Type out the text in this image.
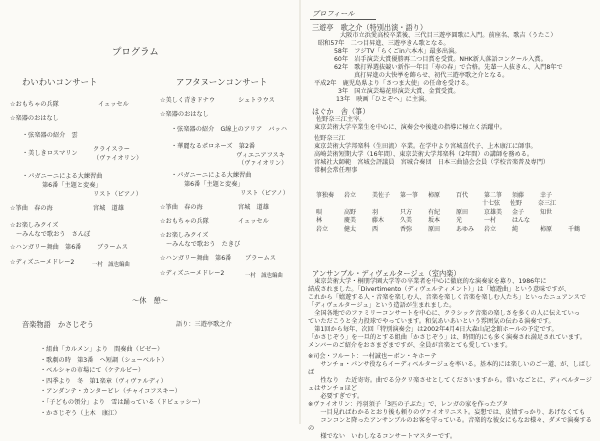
プログラム
わいわいコンサート
☆おもちゃの兵隊	イェッセル
☆楽器のおはなし
・弦楽器の紹介　雲
・美しきロスマリン
クライスラー
（ヴァイオリン）
・パガニーニによる大練習曲
第6番「主題と変奏」
リスト（ピアノ）
☆箏曲　春の海	宮城　道雄
☆お楽しみクイズ
～みんなで歌おう　さんぽ
☆ハンガリー舞曲　第6番	ブラームス
☆ディズニーメドレー2	一村　誠也編曲
アフタヌーンコンサート
☆美しく青きドナウ	シュトラウス
☆楽器のおはなし
・弦楽器の紹介　G線上のアリア　バッハ
・華麗なるポロネーズ　第2番
ヴィエニアフスキ
（ヴァイオリン）
・パガニーニによる大練習曲
第6番「主題と変奏」
リスト（ピアノ）
☆箏曲　春の海	宮城　道雄
☆おもちゃの兵隊	イェッセル
☆お楽しみクイズ
～みんなで歌おう　たきび
☆ハンガリー舞曲　第6番 ブラームス
☆ディズニーメドレー2	一村　誠也編曲
～休　憩～
音楽物語　かさじぞう	語り：三遊亭歌之介
・組曲「カルメン」より　間奏曲（ビゼー）
・歌劇の時　第3番　ヘ短調（シューベルト）
・ベルシャの市場にて（ケテルビー）
・四季より　冬　第1楽章（ヴィヴァルディ）
・アンダンテ・カンタービレ（チャイコフスキー）
・「子どもの領分」より　雪は踊っている（ドビュッシー）
・かさじぞう（上木　康江）
プロフィール
三遊亭　歌之介（特別出演・語り）
大阪市立浜愛高校卒業後、三代目三遊亭圓歌に入門。前座名、歌吉（うたこ）
昭和57年　二つ目昇進、三遊亭きん歌となる。
58年　フジTV「らくごin六本木」最多出演。
60年　岩手演芸大賞優勝再二つ目賞を受賞。NHK新人落語コンクール入賞。
62年　歌打界選抜競い新作一年目「寿の春」で合格。先輩一人抜きん、入門8年で
真打昇進の大快挙を飾らせ、初代三遊亭歌之介となる。
平成2年　鹿児島県より「さつま大使」の任命を受ける。
3年　国立演芸場花形演芸大賞、金賞受賞。
13年　映画「ひとぞへ」に主演。
はぐか　舎（箏）
佐野奈三江主宰。
東京芸術大学卒業生を中心に、演奏会や後進の指導に極立く活躍中。
佐野奈三江
東京芸術大学邦楽科（生田流）卒業。在学中より宮城喜代子、上木康江に師事。
高崎芸術短期大学（16年間）、東京芸術大学邦楽科（2年間）の講師を務める。
宮城社大師範　宮城会評議員　宮城合奏団　日本三曲協会会員（学校音楽普及専門）
常桐会常任理事
箏独奏	岩立	美佐子	第一箏	柿原	百代	第二箏	須藤	幸子
十七弦	佐野	奈三江
唄	高野	羽	只方	有紀	原田	京雄美	金子	知世
林	慶美	藤木	久美	坂本	光	一村	はんな
岩立	健太	西	香弥	原田	あゆみ	岩立	純	柿原	千鶴
アンサンブル・ディヴェルタージュ（室内楽）
　東京芸術大学・桐朋学園大学等の卒業者を中心に徹底的な演奏家を募り、1986年に
結成されました。「Divertimento（ディヴェルティメント）」は「嬉遊曲」という意味ですが、
これから「嬉遊する人・音楽を楽しむ人、音楽を楽しく音楽を楽しむ人たち」といったニュアンスで
「ディヴェルタージュ」という造語が生まれました。
　全国各地でのファミリーコンサートを中心に、クラシック音楽の楽しさを多くの人に伝えていっ
ていただこうと全力投球でやっています。和気あいあいという雰囲気の伝わる演奏です。
　第1回から毎年、次回「特別演奏会」は2002年4月4日大森山記念館ホールの予定です。
「かさじぞう」を一旦的とする組曲「かさじぞう」は、時間的にも多く演奏され満足されています。
メンバーのご紹介をおさまざまですが、全員が音楽とても愛しています。
※司会・フルート：一村誠也ーボン・キホーテ
　　サンチョ・パンサ役ならイーディベルタージュを率いる。基本的には楽しいのご一道、が、しばしば
　　性なり　た近寄寄。曲でる分クリ楽させとしてくださいますから。常いなごとに、ディベルタージュはサンチョほど
　　必要すぎです。
※ヴァイオリン：丹羽須子「3匹の子ぶた」で、レンガの家を作ったブタ
　　一目見ればわかるとおり後も頼りのヴァイオリニスト。妄想では、皮情すっかり、あげなくても
　　コンコンと降ったアンサンブルのお客を守っている。音楽的な彼女にもなお様々、ダメで演奏するの
　　様でない　いわしなるコンサートマスターです。
